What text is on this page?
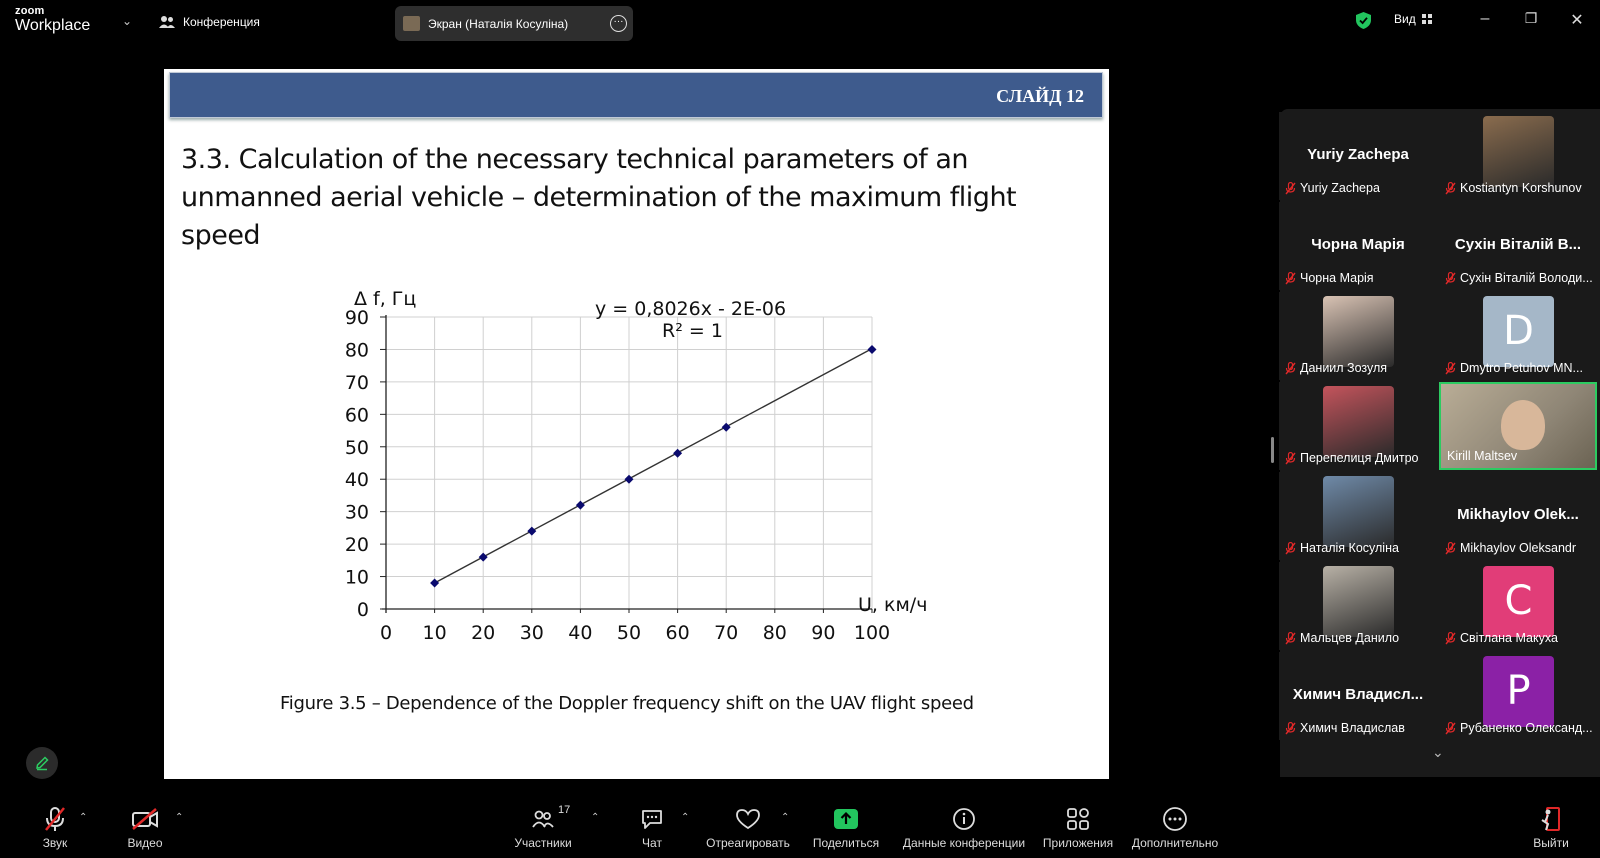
zoom
Workplace	⌄	Конференция	Экран (Наталія Косуліна)	···	Вид	–	❐	✕
СЛАЙД 12
3.3. Calculation of the necessary technical parameters of an unmanned aerial vehicle – determination of the maximum flight speed
0 10 20 30 40 50 60 70 80 90 100
0
10
20
30
40
50
60
70
80
90
Δ f, Гц
U, км/ч
y = 0,8026x - 2E-06
R² = 1
Figure 3.5 – Dependence of the Doppler frequency shift on the UAV flight speed
Yuriy Zachepa
Yuriy Zachepa	Kostiantyn Korshunov
Чорна Марія
Чорна Марія
Сухін Віталій В...
Сухін Віталій Володи...
Даниил Зозуля
D
Dmytro Petuhov MN...
Перепелиця Дмитро Kirill Maltsev
Наталія Косуліна
Mikhaylov Olek...
Mikhaylov Oleksandr
Мальцев Данило
C
Світлана Макуха
Химич Владисл...
Химич Владислав
P
Рубаненко Олександ...
⌄
Звук
⌃
Видео
⌃
17
Участники
⌃
Чат
⌃
Отреагировать
⌃
Поделиться Данные конференции Приложения	Дополнительно	Выйти
